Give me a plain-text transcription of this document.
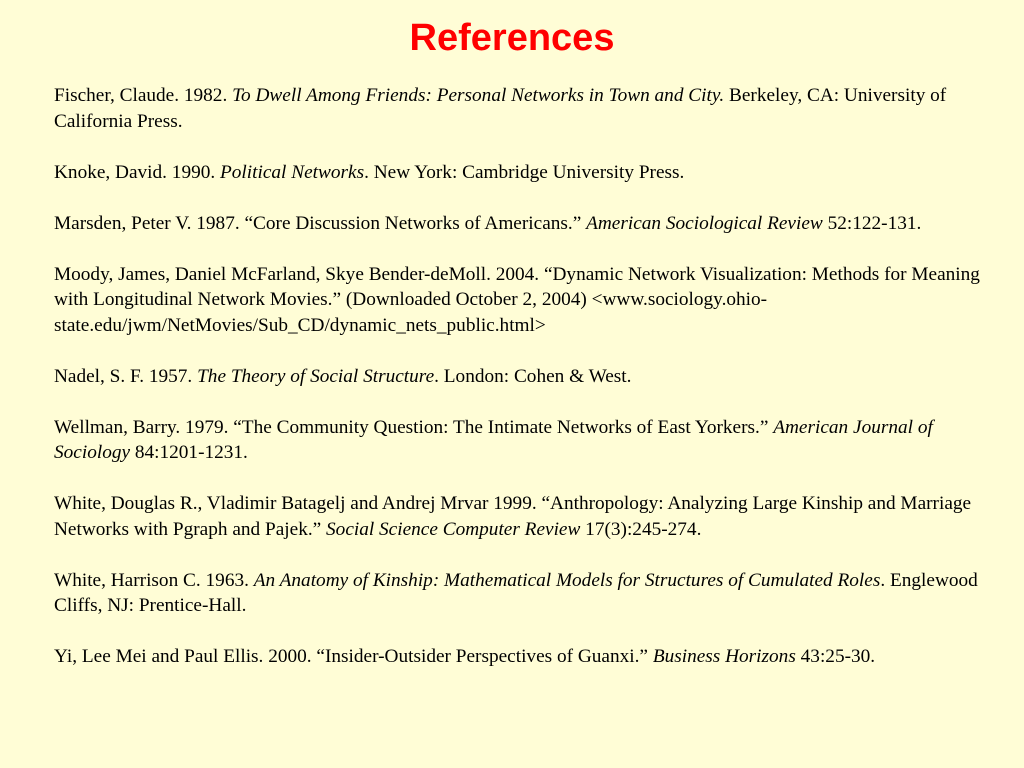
References

Fischer, Claude. 1982. To Dwell Among Friends: Personal Networks in Town and City. Berkeley, CA: University of California Press.

Knoke, David. 1990. Political Networks. New York: Cambridge University Press.

Marsden, Peter V. 1987. “Core Discussion Networks of Americans.” American Sociological Review 52:122-131.

Moody, James, Daniel McFarland, Skye Bender-deMoll. 2004. “Dynamic Network Visualization: Methods for Meaning with Longitudinal Network Movies.” (Downloaded October 2, 2004) <www.sociology.ohio-state.edu/jwm/NetMovies/Sub_CD/dynamic_nets_public.html>

Nadel, S. F. 1957. The Theory of Social Structure. London: Cohen & West.

Wellman, Barry. 1979. “The Community Question: The Intimate Networks of East Yorkers.” American Journal of Sociology 84:1201-1231.

White, Douglas R., Vladimir Batagelj and Andrej Mrvar 1999. “Anthropology: Analyzing Large Kinship and Marriage Networks with Pgraph and Pajek.” Social Science Computer Review 17(3):245-274.

White, Harrison C. 1963. An Anatomy of Kinship: Mathematical Models for Structures of Cumulated Roles. Englewood Cliffs, NJ: Prentice-Hall.

Yi, Lee Mei and Paul Ellis. 2000. “Insider-Outsider Perspectives of Guanxi.” Business Horizons 43:25-30.
